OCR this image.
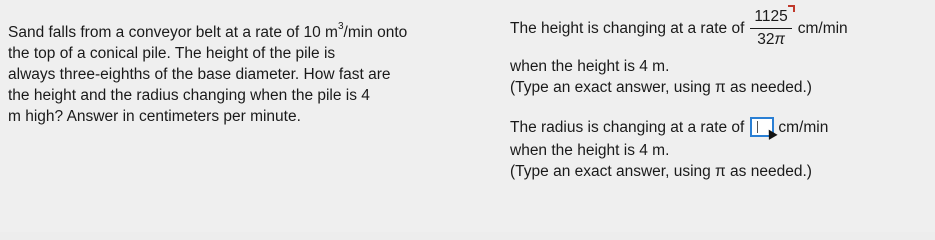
Sand falls from a conveyor belt at a rate of 10 $m^3/\min$ onto
the top of a conical pile. The height of the pile is
always three-eighths of the base diameter. How fast are
the height and the radius changing when the pile is 4
m high? Answer in centimeters per minute.
The height is changing at a rate of $\frac{1125}{32\pi} cm/\min$
when the height is 4 m.
(Type an exact answer, using π as needed.)
The radius is changing at a rate of cm/min
when the height is 4 m.
(Type an exact answer, using π as needed.)
